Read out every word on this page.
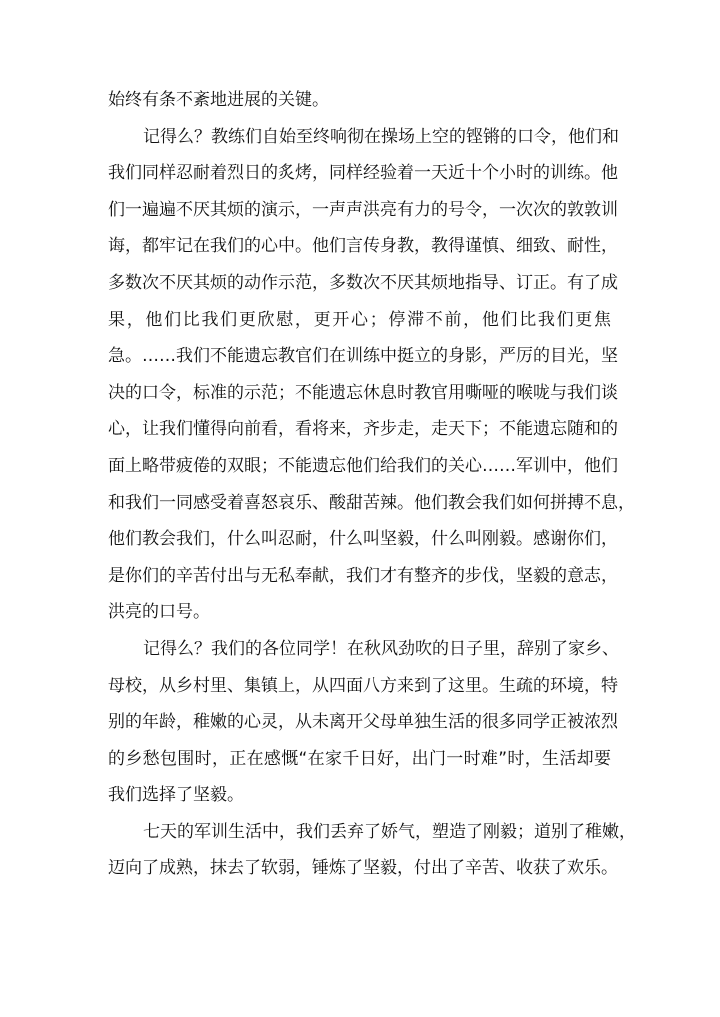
始终有条不紊地进展的关键。
记得么？教练们自始至终响彻在操场上空的铿锵的口令，他们和
我们同样忍耐着烈日的炙烤，同样经验着一天近十个小时的训练。他
们一遍遍不厌其烦的演示，一声声洪亮有力的号令，一次次的敦敦训
诲，都牢记在我们的心中。他们言传身教，教得谨慎、细致、耐性，
多数次不厌其烦的动作示范，多数次不厌其烦地指导、订正。有了成
果，他们比我们更欣慰，更开心；停滞不前，他们比我们更焦
急。……我们不能遗忘教官们在训练中挺立的身影，严厉的目光，坚
决的口令，标准的示范；不能遗忘休息时教官用嘶哑的喉咙与我们谈
心，让我们懂得向前看，看将来，齐步走，走天下；不能遗忘随和的
面上略带疲倦的双眼；不能遗忘他们给我们的关心……军训中，他们
和我们一同感受着喜怒哀乐、酸甜苦辣。他们教会我们如何拼搏不息，
他们教会我们，什么叫忍耐，什么叫坚毅，什么叫刚毅。感谢你们，
是你们的辛苦付出与无私奉献，我们才有整齐的步伐，坚毅的意志，
洪亮的口号。
记得么？我们的各位同学！在秋风劲吹的日子里，辞别了家乡、
母校，从乡村里、集镇上，从四面八方来到了这里。生疏的环境，特
别的年龄，稚嫩的心灵，从未离开父母单独生活的很多同学正被浓烈
的乡愁包围时，正在感慨“在家千日好，出门一时难”时，生活却要
我们选择了坚毅。
七天的军训生活中，我们丢弃了娇气，塑造了刚毅；道别了稚嫩，
迈向了成熟，抹去了软弱，锤炼了坚毅，付出了辛苦、收获了欢乐。
